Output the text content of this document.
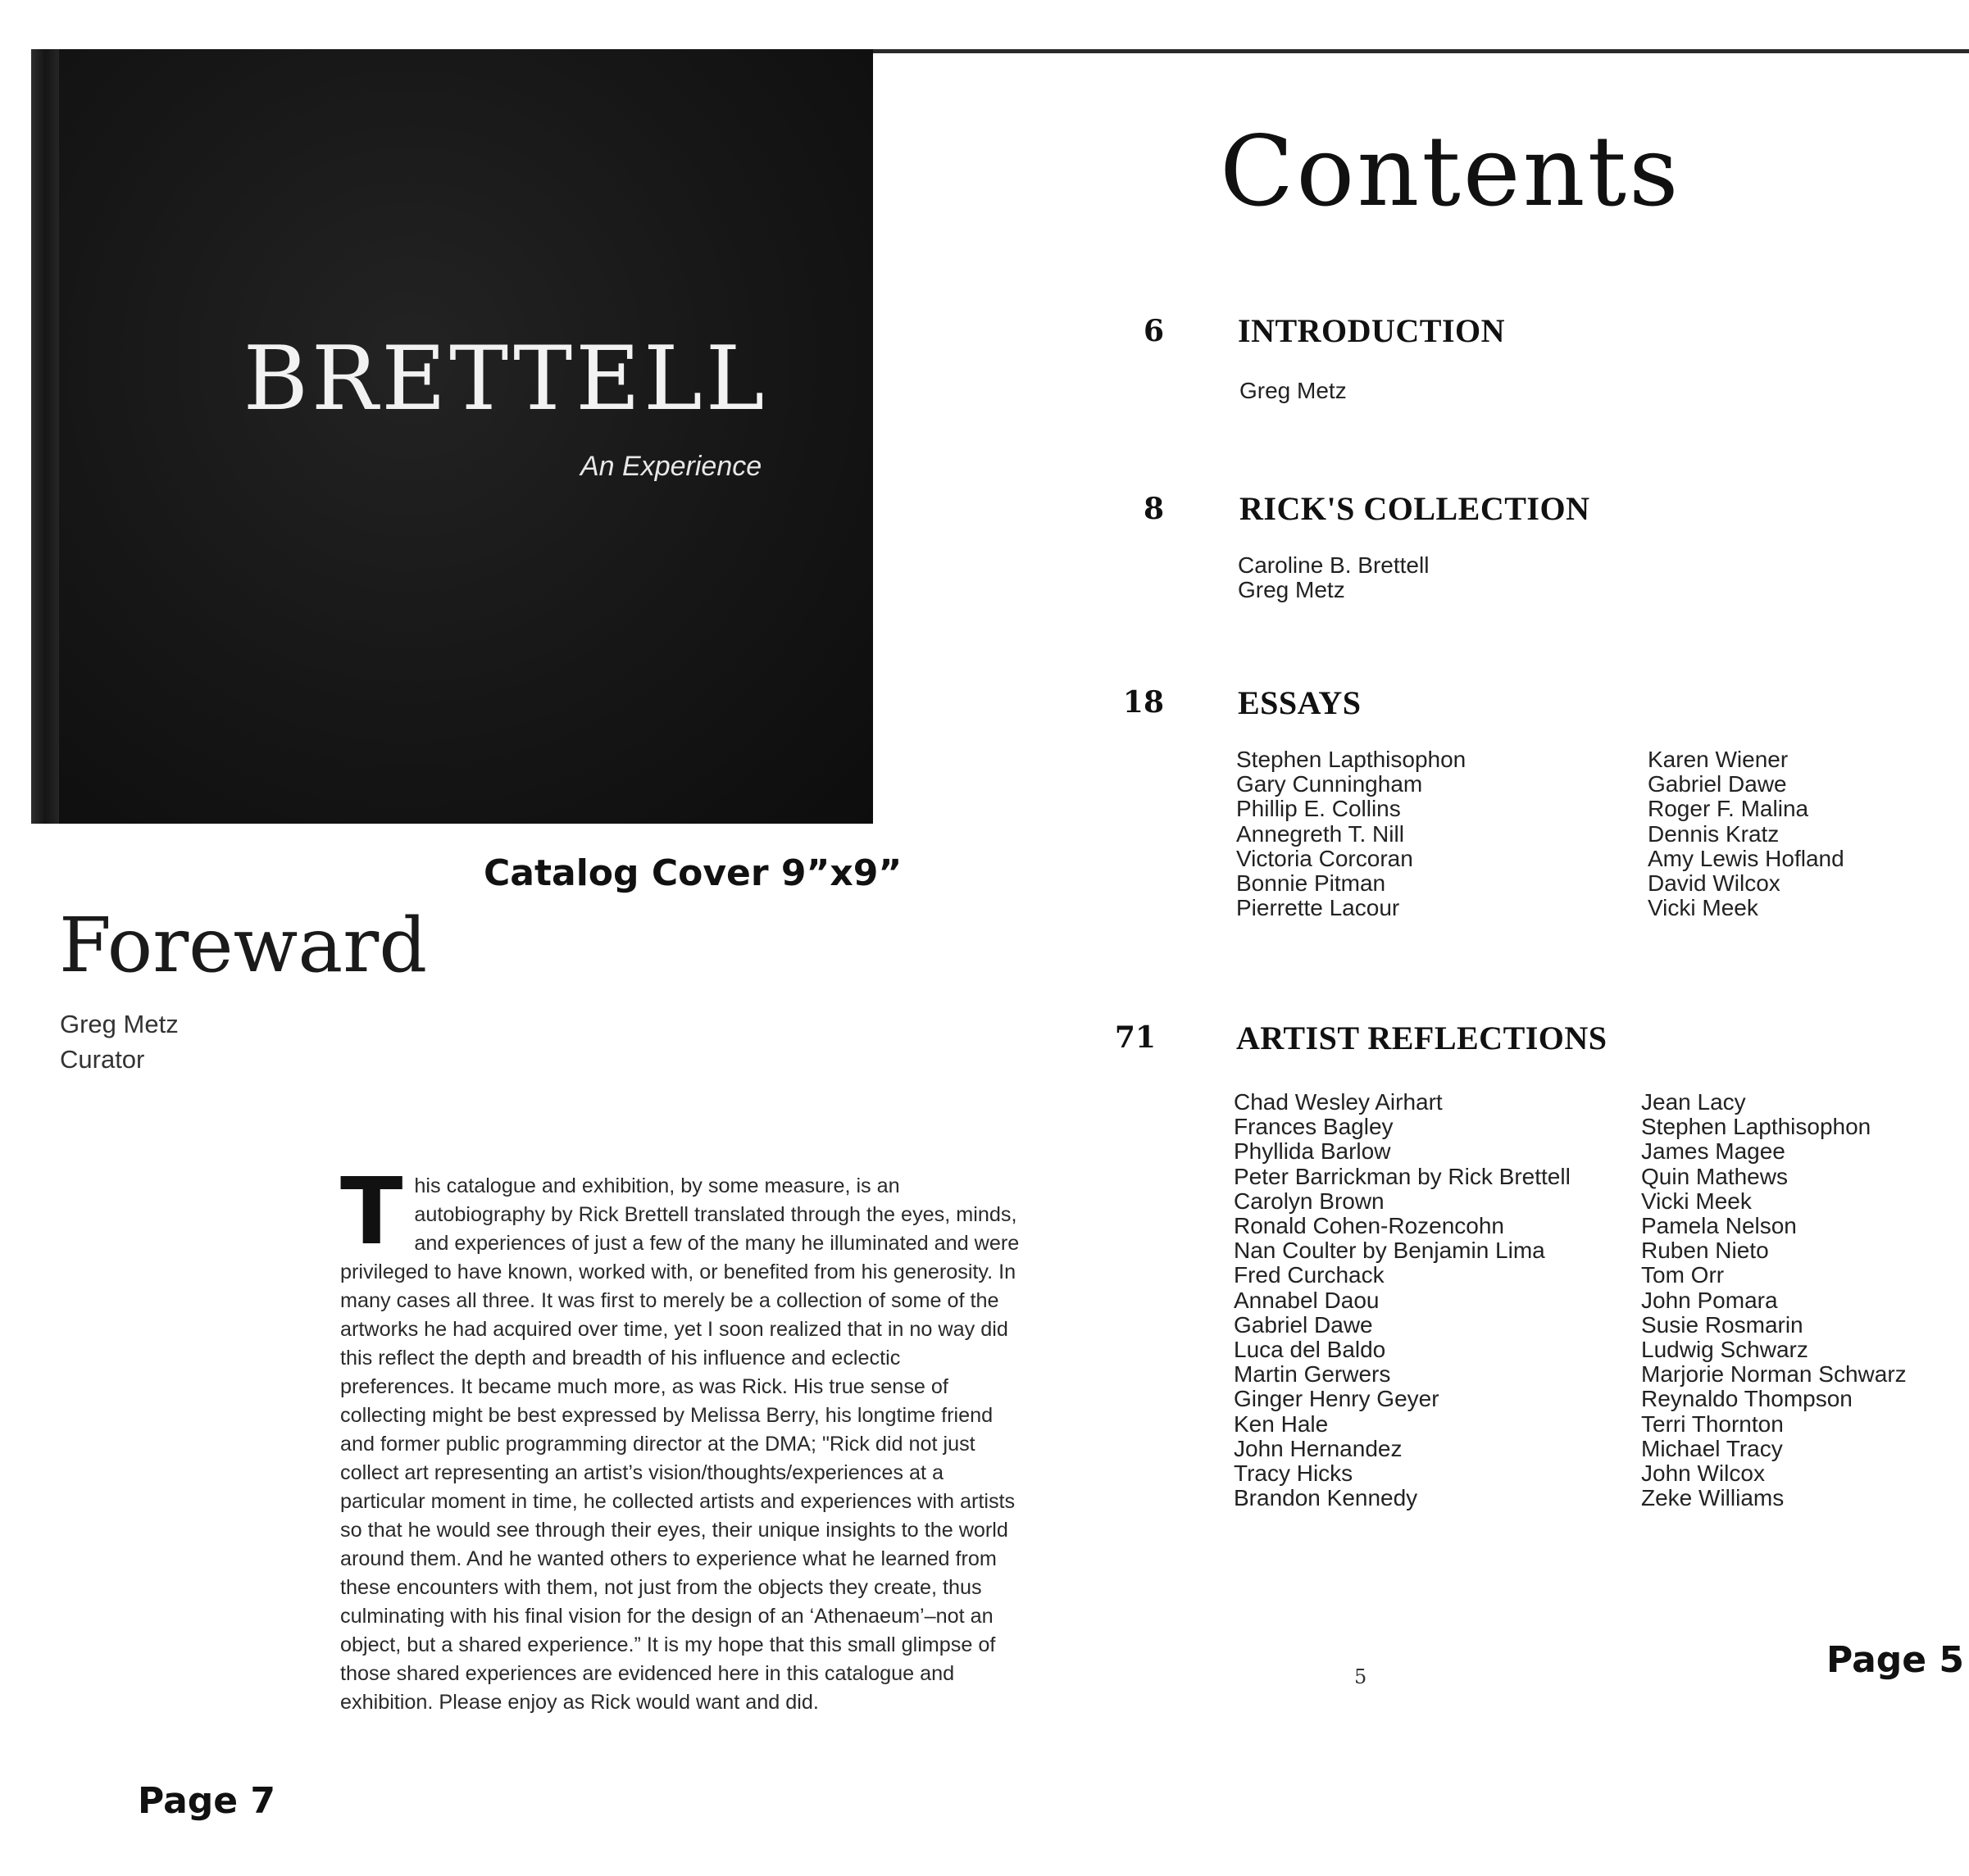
BRETTELL
An Experience
Catalog Cover 9”x9”
Foreward
Greg Metz
Curator
This catalogue and exhibition, by some measure, is an autobiography by Rick Brettell translated through the eyes, minds, and experiences of just a few of the many he illuminated and were privileged to have known, worked with, or benefited from his generosity. In many cases all three. It was first to merely be a collection of some of the artworks he had acquired over time, yet I soon realized that in no way did this reflect the depth and breadth of his influence and eclectic preferences. It became much more, as was Rick. His true sense of collecting might be best expressed by Melissa Berry, his longtime friend and former public programming director at the DMA; "Rick did not just collect art representing an artist’s vision/thoughts/experiences at a particular moment in time, he collected artists and experiences with artists so that he would see through their eyes, their unique insights to the world around them. And he wanted others to experience what he learned from these encounters with them, not just from the objects they create, thus culminating with his final vision for the design of an ‘Athenaeum’–not an object, but a shared experience.” It is my hope that this small glimpse of those shared experiences are evidenced here in this catalogue and exhibition. Please enjoy as Rick would want and did.
Page 7
Contents
6 INTRODUCTION
Greg Metz
8 RICK'S COLLECTION
Caroline B. Brettell
Greg Metz
18 ESSAYS
Stephen Lapthisophon
Gary Cunningham
Phillip E. Collins
Annegreth T. Nill
Victoria Corcoran
Bonnie Pitman
Pierrette Lacour
Karen Wiener
Gabriel Dawe
Roger F. Malina
Dennis Kratz
Amy Lewis Hofland
David Wilcox
Vicki Meek
71 ARTIST REFLECTIONS
Chad Wesley Airhart
Frances Bagley
Phyllida Barlow
Peter Barrickman by Rick Brettell
Carolyn Brown
Ronald Cohen-Rozencohn
Nan Coulter by Benjamin Lima
Fred Curchack
Annabel Daou
Gabriel Dawe
Luca del Baldo
Martin Gerwers
Ginger Henry Geyer
Ken Hale
John Hernandez
Tracy Hicks
Brandon Kennedy
Jean Lacy
Stephen Lapthisophon
James Magee
Quin Mathews
Vicki Meek
Pamela Nelson
Ruben Nieto
Tom Orr
John Pomara
Susie Rosmarin
Ludwig Schwarz
Marjorie Norman Schwarz
Reynaldo Thompson
Terri Thornton
Michael Tracy
John Wilcox
Zeke Williams
5	Page 5
